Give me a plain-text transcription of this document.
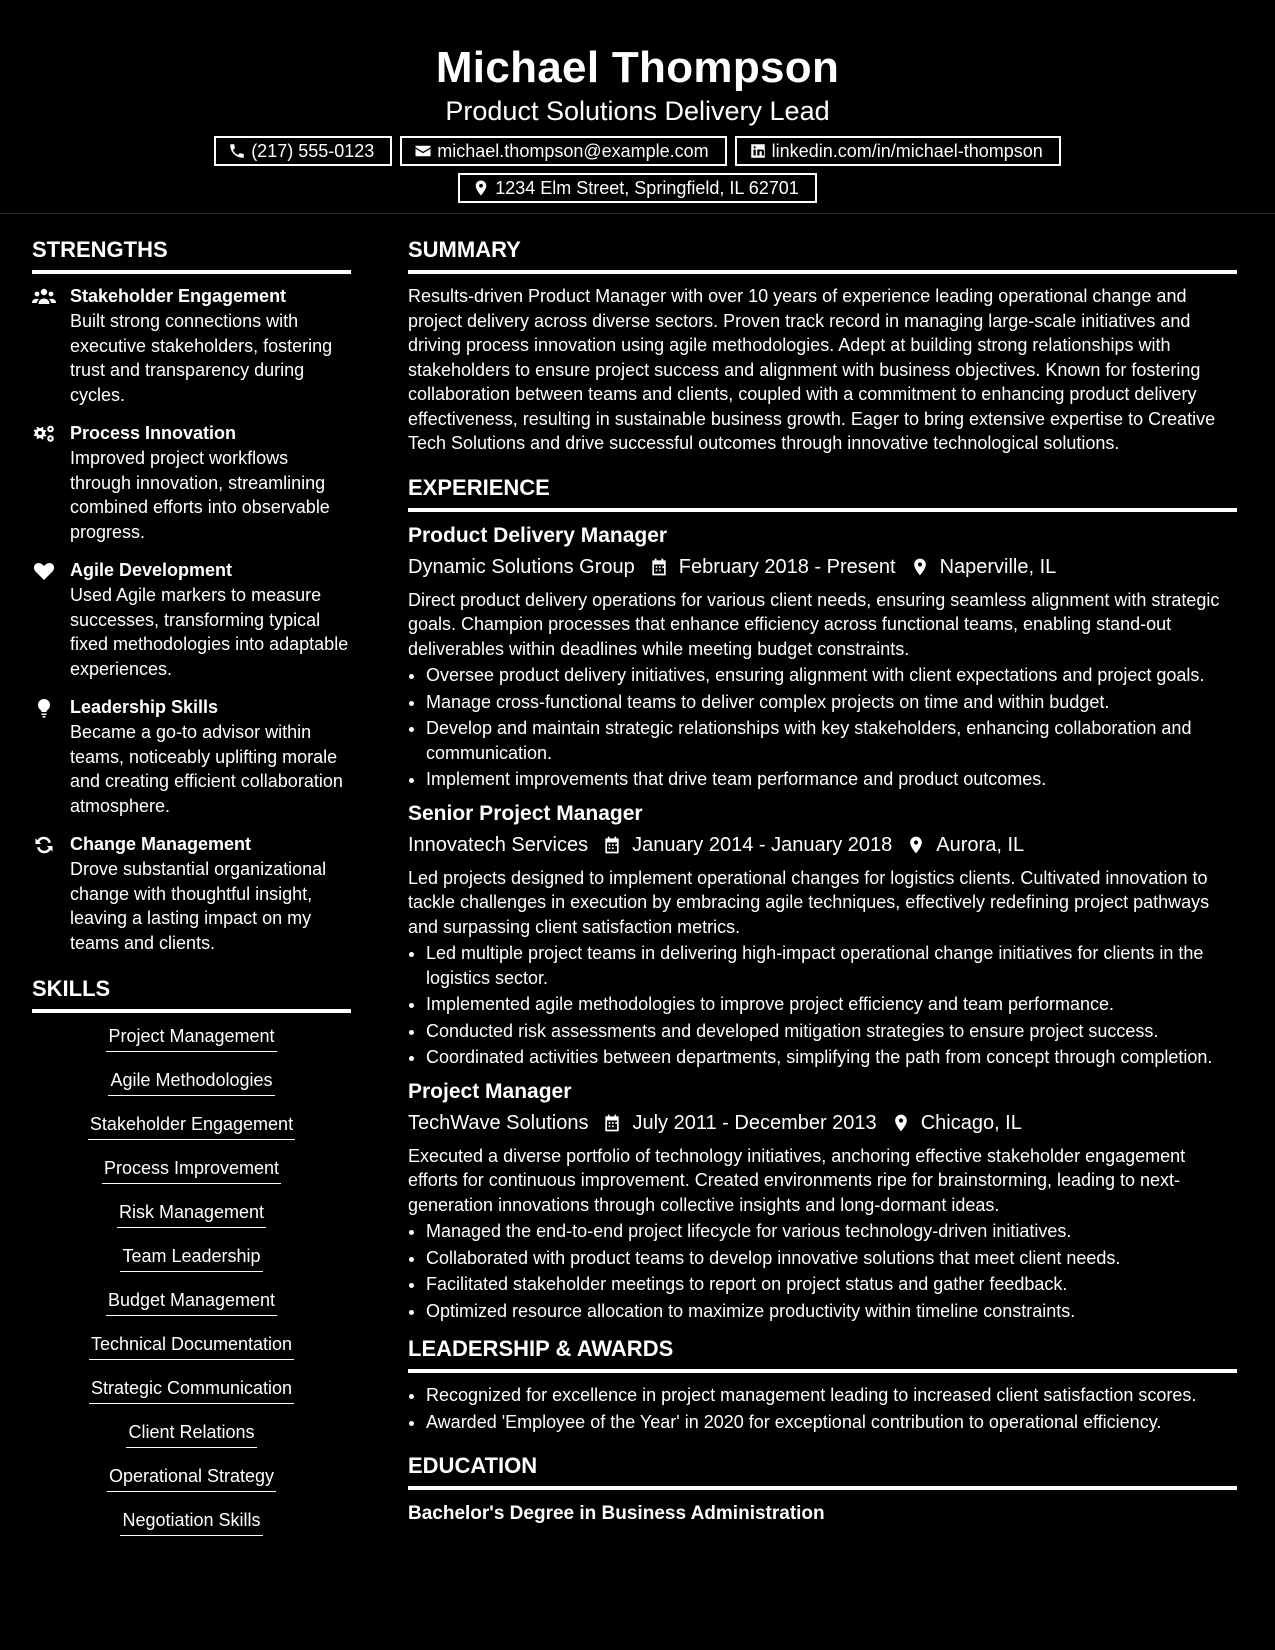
Michael Thompson
Product Solutions Delivery Lead
(217) 555-0123	michael.thompson@example.com	linkedin.com/in/michael-thompson
1234 Elm Street, Springfield, IL 62701
STRENGTHS
Stakeholder Engagement
Built strong connections with executive stakeholders, fostering trust and transparency during cycles.
Process Innovation
Improved project workflows through innovation, streamlining combined efforts into observable progress.
Agile Development
Used Agile markers to measure successes, transforming typical fixed methodologies into adaptable experiences.
Leadership Skills
Became a go-to advisor within teams, noticeably uplifting morale and creating efficient collaboration atmosphere.
Change Management
Drove substantial organizational change with thoughtful insight, leaving a lasting impact on my teams and clients.
SKILLS
Project Management
Agile Methodologies
Stakeholder Engagement
Process Improvement
Risk Management
Team Leadership
Budget Management
Technical Documentation
Strategic Communication
Client Relations
Operational Strategy
Negotiation Skills
SUMMARY
Results-driven Product Manager with over 10 years of experience leading operational change and project delivery across diverse sectors. Proven track record in managing large-scale initiatives and driving process innovation using agile methodologies. Adept at building strong relationships with stakeholders to ensure project success and alignment with business objectives. Known for fostering collaboration between teams and clients, coupled with a commitment to enhancing product delivery effectiveness, resulting in sustainable business growth. Eager to bring extensive expertise to Creative Tech Solutions and drive successful outcomes through innovative technological solutions.
EXPERIENCE
Product Delivery Manager
Dynamic Solutions Group February 2018 - Present Naperville, IL
Direct product delivery operations for various client needs, ensuring seamless alignment with strategic goals. Champion processes that enhance efficiency across functional teams, enabling stand-out deliverables within deadlines while meeting budget constraints.
• Oversee product delivery initiatives, ensuring alignment with client expectations and project goals.
• Manage cross-functional teams to deliver complex projects on time and within budget.
• Develop and maintain strategic relationships with key stakeholders, enhancing collaboration and communication.
• Implement improvements that drive team performance and product outcomes.
Senior Project Manager
Innovatech Services January 2014 - January 2018 Aurora, IL
Led projects designed to implement operational changes for logistics clients. Cultivated innovation to tackle challenges in execution by embracing agile techniques, effectively redefining project pathways and surpassing client satisfaction metrics.
• Led multiple project teams in delivering high-impact operational change initiatives for clients in the logistics sector.
• Implemented agile methodologies to improve project efficiency and team performance.
• Conducted risk assessments and developed mitigation strategies to ensure project success.
• Coordinated activities between departments, simplifying the path from concept through completion.
Project Manager
TechWave Solutions July 2011 - December 2013 Chicago, IL
Executed a diverse portfolio of technology initiatives, anchoring effective stakeholder engagement efforts for continuous improvement. Created environments ripe for brainstorming, leading to next-generation innovations through collective insights and long-dormant ideas.
• Managed the end-to-end project lifecycle for various technology-driven initiatives.
• Collaborated with product teams to develop innovative solutions that meet client needs.
• Facilitated stakeholder meetings to report on project status and gather feedback.
• Optimized resource allocation to maximize productivity within timeline constraints.
LEADERSHIP & AWARDS
• Recognized for excellence in project management leading to increased client satisfaction scores.
• Awarded 'Employee of the Year' in 2020 for exceptional contribution to operational efficiency.
EDUCATION
Bachelor's Degree in Business Administration
